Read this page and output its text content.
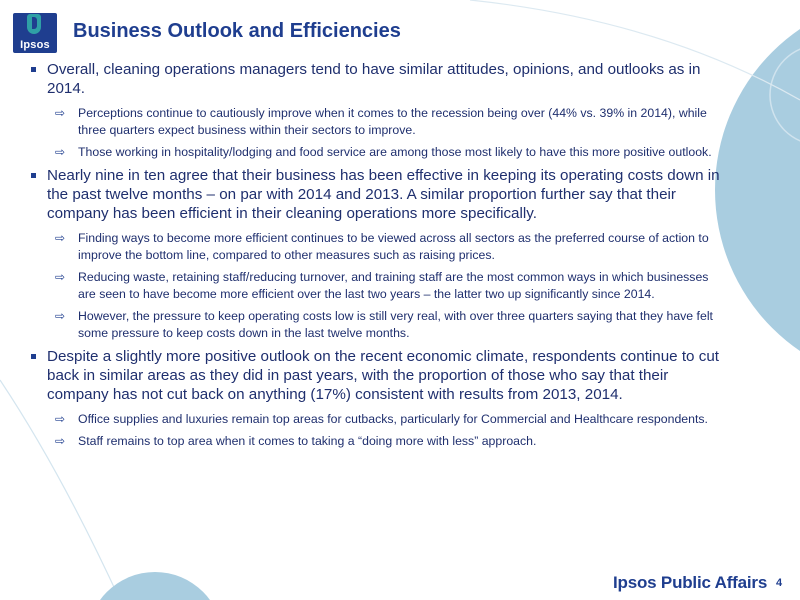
Ipsos
Business Outlook and Efficiencies
Overall, cleaning operations managers tend to have similar attitudes, opinions, and outlooks as in 2014.
⇨ Perceptions continue to cautiously improve when it comes to the recession being over (44% vs. 39% in 2014), while three quarters expect business within their sectors to improve.
⇨ Those working in hospitality/lodging and food service are among those most likely to have this more positive outlook.
Nearly nine in ten agree that their business has been effective in keeping its operating costs down in the past twelve months – on par with 2014 and 2013. A similar proportion further say that their company has been efficient in their cleaning operations more specifically.
⇨ Finding ways to become more efficient continues to be viewed across all sectors as the preferred course of action to improve the bottom line, compared to other measures such as raising prices.
⇨ Reducing waste, retaining staff/reducing turnover, and training staff are the most common ways in which businesses are seen to have become more efficient over the last two years – the latter two up significantly since 2014.
⇨ However, the pressure to keep operating costs low is still very real, with over three quarters saying that they have felt some pressure to keep costs down in the last twelve months.
Despite a slightly more positive outlook on the recent economic climate, respondents continue to cut back in similar areas as they did in past years, with the proportion of those who say that their company has not cut back on anything (17%) consistent with results from 2013, 2014.
⇨ Office supplies and luxuries remain top areas for cutbacks, particularly for Commercial and Healthcare respondents.
⇨ Staff remains to top area when it comes to taking a “doing more with less” approach.
Ipsos Public Affairs 4
